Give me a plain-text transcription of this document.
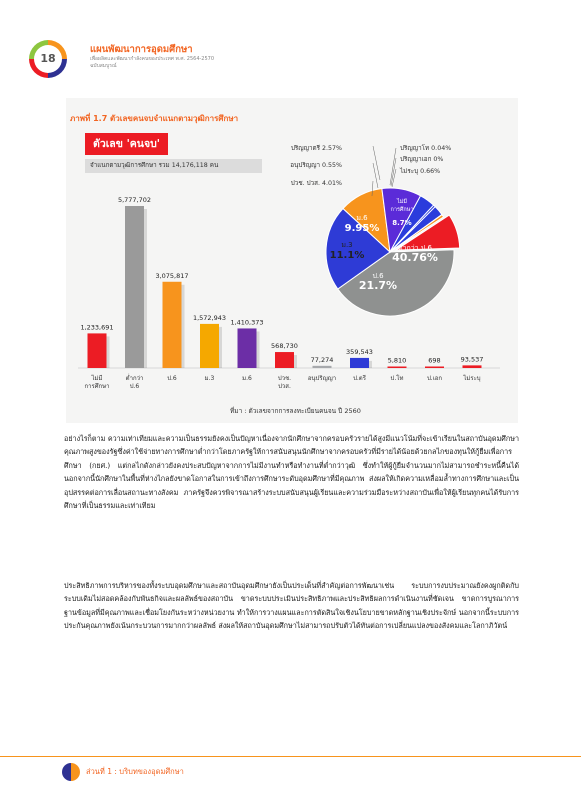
18
แผนพัฒนาการอุดมศึกษา
เพื่อผลิตและพัฒนากำลังคนของประเทศ พ.ศ. 2564-2570
ฉบับสมบูรณ์
ภาพที่ 1.7 ตัวเลขคนจบจำแนกตามวุฒิการศึกษา
ตัวเลข 'คนจบ'
จำแนกตามวุฒิการศึกษา รวม 14,176,118 คน
1,233,691
ไม่มี
การศึกษา
5,777,702
ต่ำกว่า
ป.6
3,075,817
ป.6
1,572,943
ม.3
1,410,373
ม.6
568,730
ปวช.
ปวส.
77,274
อนุปริญญา
359,543
ป.ตรี
5,810
ป.โท
698
ป.เอก
93,537
ไม่ระบุ
ต่ำกว่า ป.6
40.76%
ป.6
21.7%
ม.3
11.1%
ม.6
9.95%
ไม่มี
การศึกษา
8.7%
ปริญญาตรี 2.57%
อนุปริญญา 0.55%
ปวช. ปวส. 4.01%
ปริญญาโท 0.04%
ปริญญาเอก 0%
ไม่ระบุ 0.66%
ที่มา : ตัวเลขจากการลงทะเบียนคนจน ปี 2560

อย่างไรก็ตาม ความเท่าเทียมและความเป็นธรรมยังคงเป็นปัญหาเนื่องจากนักศึกษาจากครอบครัวรายได้สูงมีแนวโน้มที่จะเข้าเรียนในสถาบันอุดมศึกษาคุณภาพสูงของรัฐซึ่งค่าใช้จ่ายทางการศึกษาต่ำกว่าโดยภาครัฐให้การสนับสนุนนักศึกษาจากครอบครัวที่มีรายได้น้อยด้วยกลไกของทุนให้กู้ยืมเพื่อการศึกษา (กยศ.) แต่กลไกดังกล่าวยังคงประสบปัญหาจากการไม่มีงานทำหรือทำงานที่ต่ำกว่าวุฒิ ซึ่งทำให้ผู้กู้ยืมจำนวนมากไม่สามารถชำระหนี้คืนได้ นอกจากนี้นักศึกษาในพื้นที่ห่างไกลยังขาดโอกาสในการเข้าถึงการศึกษาระดับอุดมศึกษาที่มีคุณภาพ ส่งผลให้เกิดความเหลื่อมล้ำทางการศึกษาและเป็นอุปสรรคต่อการเลื่อนสถานะทางสังคม ภาครัฐจึงควรพิจารณาสร้างระบบสนับสนุนผู้เรียนและความร่วมมือระหว่างสถาบันเพื่อให้ผู้เรียนทุกคนได้รับการศึกษาที่เป็นธรรมและเท่าเทียม

ประสิทธิภาพการบริหารของทั้งระบบอุดมศึกษาและสถาบันอุดมศึกษายังเป็นประเด็นที่สำคัญต่อการพัฒนาเช่น ระบบการงบประมาณยังคงผูกติดกับระบบเดิมไม่สอดคล้องกับพันธกิจและผลลัพธ์ของสถาบัน ขาดระบบประเมินประสิทธิภาพและประสิทธิผลการดำเนินงานที่ชัดเจน ขาดการบูรณาการฐานข้อมูลที่มีคุณภาพและเชื่อมโยงกันระหว่างหน่วยงาน ทำให้การวางแผนและการตัดสินใจเชิงนโยบายขาดหลักฐานเชิงประจักษ์ นอกจากนี้ระบบการประกันคุณภาพยังเน้นกระบวนการมากกว่าผลลัพธ์ ส่งผลให้สถาบันอุดมศึกษาไม่สามารถปรับตัวได้ทันต่อการเปลี่ยนแปลงของสังคมและโลกาภิวัตน์

ส่วนที่ 1 : บริบทของอุดมศึกษา
